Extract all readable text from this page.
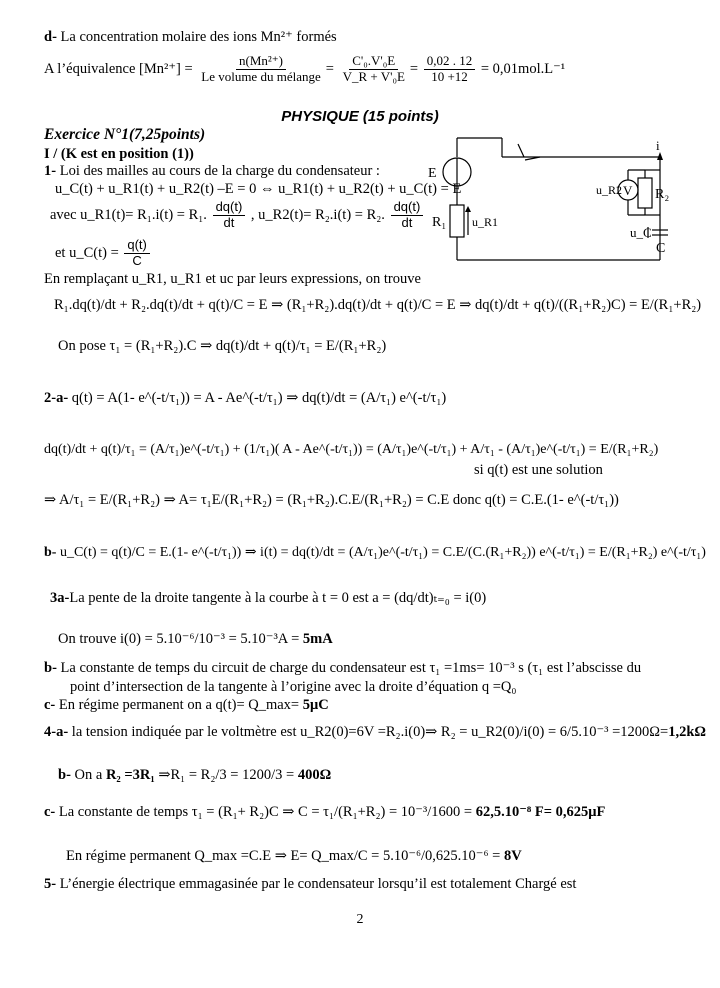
d- La concentration molaire des ions Mn²⁺ formés
A l’équivalence $[Mn^{2+}] = \frac{\text{n(Mn²⁺)}}{\text{Le volume du mélange}} = \frac{\text{C'₀.V'₀E}}{\text{V\_R + V'₀E}} = \frac{0,02 . 12}{10 +12} = 0,01mol.L^{-1}$
PHYSIQUE (15 points)
Exercice N°1(7,25points)
I / (K est en position (1))
E
R₁ u_R1
u_R2 V R₂
u_C
C
i
1- Loi des mailles au cours de la charge du condensateur :
u_C(t) + u_R1(t) + u_R2(t) –E = 0 ⇔ u_R1(t) + u_R2(t) + u_C(t) = E
avec u_R1(t)= R₁.i(t) = R₁. $\frac{dq(t)}{dt}$ , u_R2(t)= R₂.i(t) = R₂. $\frac{dq(t)}{dt}$
et u_C(t) = $\frac{q(t)}{C}$
En remplaçant u_R1, u_R1 et uc par leurs expressions, on trouve
R₁.dq(t)/dt + R₂.dq(t)/dt + q(t)/C = E ⇒ (R₁+R₂).dq(t)/dt + q(t)/C = E ⇒ dq(t)/dt + q(t)/((R₁+R₂)C) = E/(R₁+R₂)
On pose τ₁ = (R₁+R₂).C ⇒ dq(t)/dt + q(t)/τ₁ = E/(R₁+R₂)
2-a- q(t) = A(1- e^(-t/τ₁)) = A - Ae^(-t/τ₁) ⇒ dq(t)/dt = (A/τ₁) e^(-t/τ₁)
dq(t)/dt + q(t)/τ₁ = (A/τ₁)e^(-t/τ₁) + (1/τ₁)( A - Ae^(-t/τ₁)) = (A/τ₁)e^(-t/τ₁) + A/τ₁ - (A/τ₁)e^(-t/τ₁) = E/(R₁+R₂)
si q(t) est une solution
⇒ A/τ₁ = E/(R₁+R₂) ⇒ A= τ₁E/(R₁+R₂) = (R₁+R₂).C.E/(R₁+R₂) = C.E donc q(t) = C.E.(1- e^(-t/τ₁))
b- u_C(t) = q(t)/C = E.(1- e^(-t/τ₁)) ⇒ i(t) = dq(t)/dt = (A/τ₁)e^(-t/τ₁) = C.E/(C.(R₁+R₂)) e^(-t/τ₁) = E/(R₁+R₂) e^(-t/τ₁)
3a-La pente de la droite tangente à la courbe à t = 0 est a = (dq/dt)ₜ₌₀ = i(0)
On trouve i(0) = 5.10⁻⁶/10⁻³ = 5.10⁻³A = 5mA
b- La constante de temps du circuit de charge du condensateur est τ₁ =1ms= 10⁻³ s (τ₁ est l’abscisse du
point d’intersection de la tangente à l’origine avec la droite d’équation q =Q₀
c- En régime permanent on a q(t)= Q_max= 5μC
4-a- la tension indiquée par le voltmètre est u_R2(0)=6V =R₂.i(0)⇒ R₂ = u_R2(0)/i(0) = 6/5.10⁻³ =1200Ω=1,2kΩ
b- On a R₂ =3R₁ ⇒R₁ = R₂/3 = 1200/3 = 400Ω
c- La constante de temps τ₁ = (R₁+ R₂)C ⇒ C = τ₁/(R₁+R₂) = 10⁻³/1600 = 62,5.10⁻⁸ F= 0,625μF
En régime permanent Q_max =C.E ⇒ E= Q_max/C = 5.10⁻⁶/0,625.10⁻⁶ = 8V
5- L’énergie électrique emmagasinée par le condensateur lorsqu’il est totalement Chargé est
2
